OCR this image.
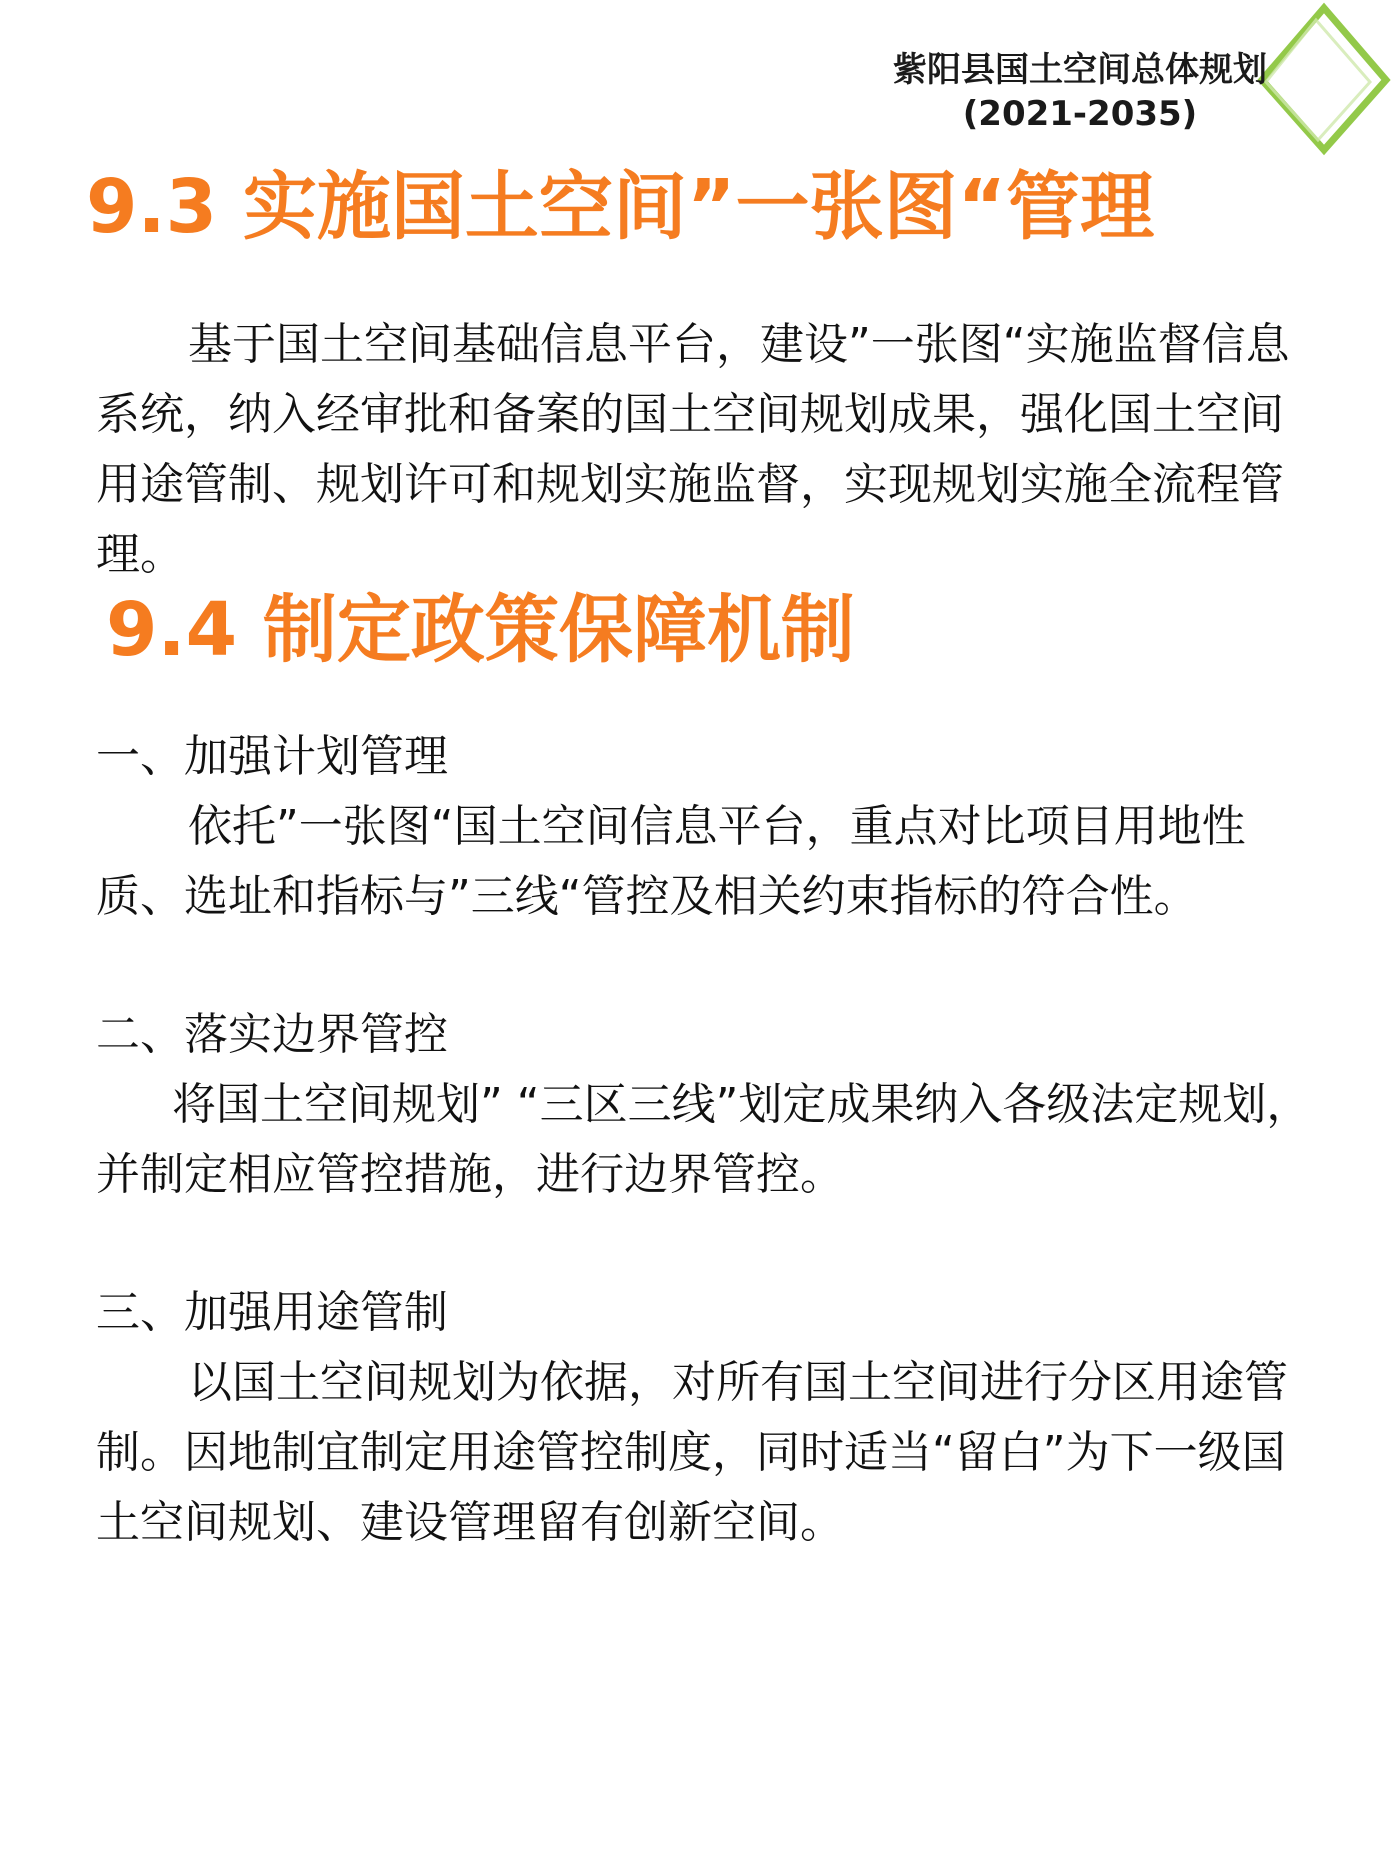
紫阳县国土空间总体规划
(2021-2035)
9.3 实施国土空间”一张图“管理
基于国土空间基础信息平台，建设”一张图“实施监督信息系统，纳入经审批和备案的国土空间规划成果，强化国土空间用途管制、规划许可和规划实施监督，实现规划实施全流程管理。
9.4 制定政策保障机制
一、加强计划管理
依托”一张图“国土空间信息平台，重点对比项目用地性质、选址和指标与”三线“管控及相关约束指标的符合性。
二、落实边界管控
将国土空间规划” “三区三线”划定成果纳入各级法定规划，并制定相应管控措施，进行边界管控。
三、加强用途管制
以国土空间规划为依据，对所有国土空间进行分区用途管制。因地制宜制定用途管控制度，同时适当“留白”为下一级国土空间规划、建设管理留有创新空间。
